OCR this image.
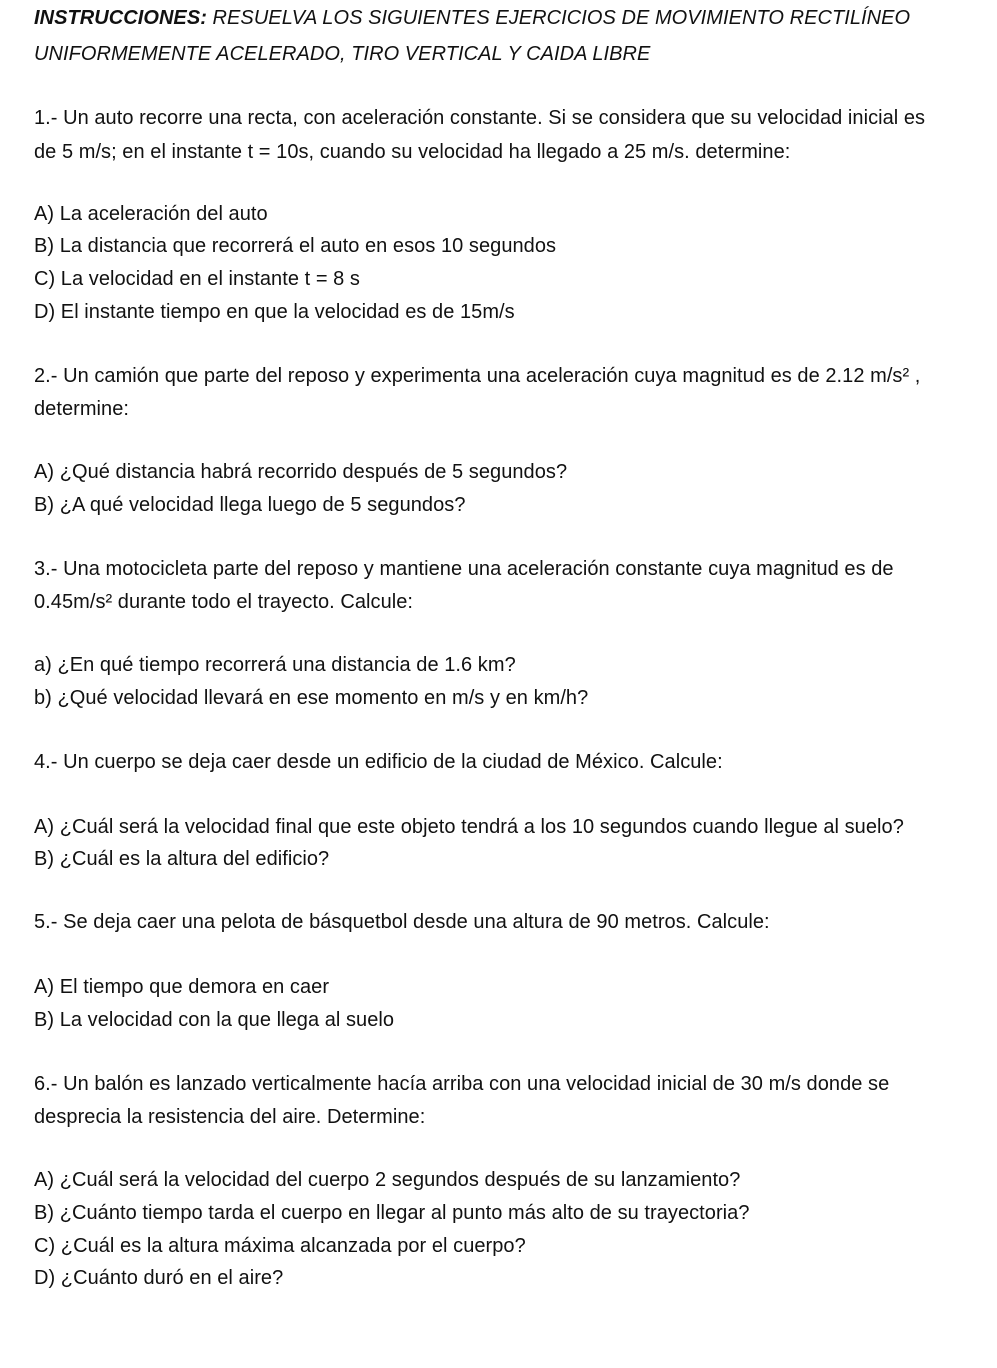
INSTRUCCIONES: RESUELVA LOS SIGUIENTES EJERCICIOS DE MOVIMIENTO RECTILÍNEO

UNIFORMEMENTE ACELERADO, TIRO VERTICAL Y CAIDA LIBRE

1.- Un auto recorre una recta, con aceleración constante. Si se considera que su velocidad inicial es

de 5 m/s; en el instante t = 10s, cuando su velocidad ha llegado a 25 m/s. determine:

A) La aceleración del auto

B) La distancia que recorrerá el auto en esos 10 segundos

C) La velocidad en el instante t = 8 s

D) El instante tiempo en que la velocidad es de 15m/s

2.- Un camión que parte del reposo y experimenta una aceleración cuya magnitud es de 2.12 m/s² ,

determine:

A) ¿Qué distancia habrá recorrido después de 5 segundos?

B) ¿A qué velocidad llega luego de 5 segundos?

3.- Una motocicleta parte del reposo y mantiene una aceleración constante cuya magnitud es de

0.45m/s² durante todo el trayecto. Calcule:

a) ¿En qué tiempo recorrerá una distancia de 1.6 km?

b) ¿Qué velocidad llevará en ese momento en m/s y en km/h?

4.- Un cuerpo se deja caer desde un edificio de la ciudad de México. Calcule:

A) ¿Cuál será la velocidad final que este objeto tendrá a los 10 segundos cuando llegue al suelo?

B) ¿Cuál es la altura del edificio?

5.- Se deja caer una pelota de básquetbol desde una altura de 90 metros. Calcule:

A) El tiempo que demora en caer

B) La velocidad con la que llega al suelo

6.- Un balón es lanzado verticalmente hacía arriba con una velocidad inicial de 30 m/s donde se

desprecia la resistencia del aire. Determine:

A) ¿Cuál será la velocidad del cuerpo 2 segundos después de su lanzamiento?

B) ¿Cuánto tiempo tarda el cuerpo en llegar al punto más alto de su trayectoria?

C) ¿Cuál es la altura máxima alcanzada por el cuerpo?

D) ¿Cuánto duró en el aire?
